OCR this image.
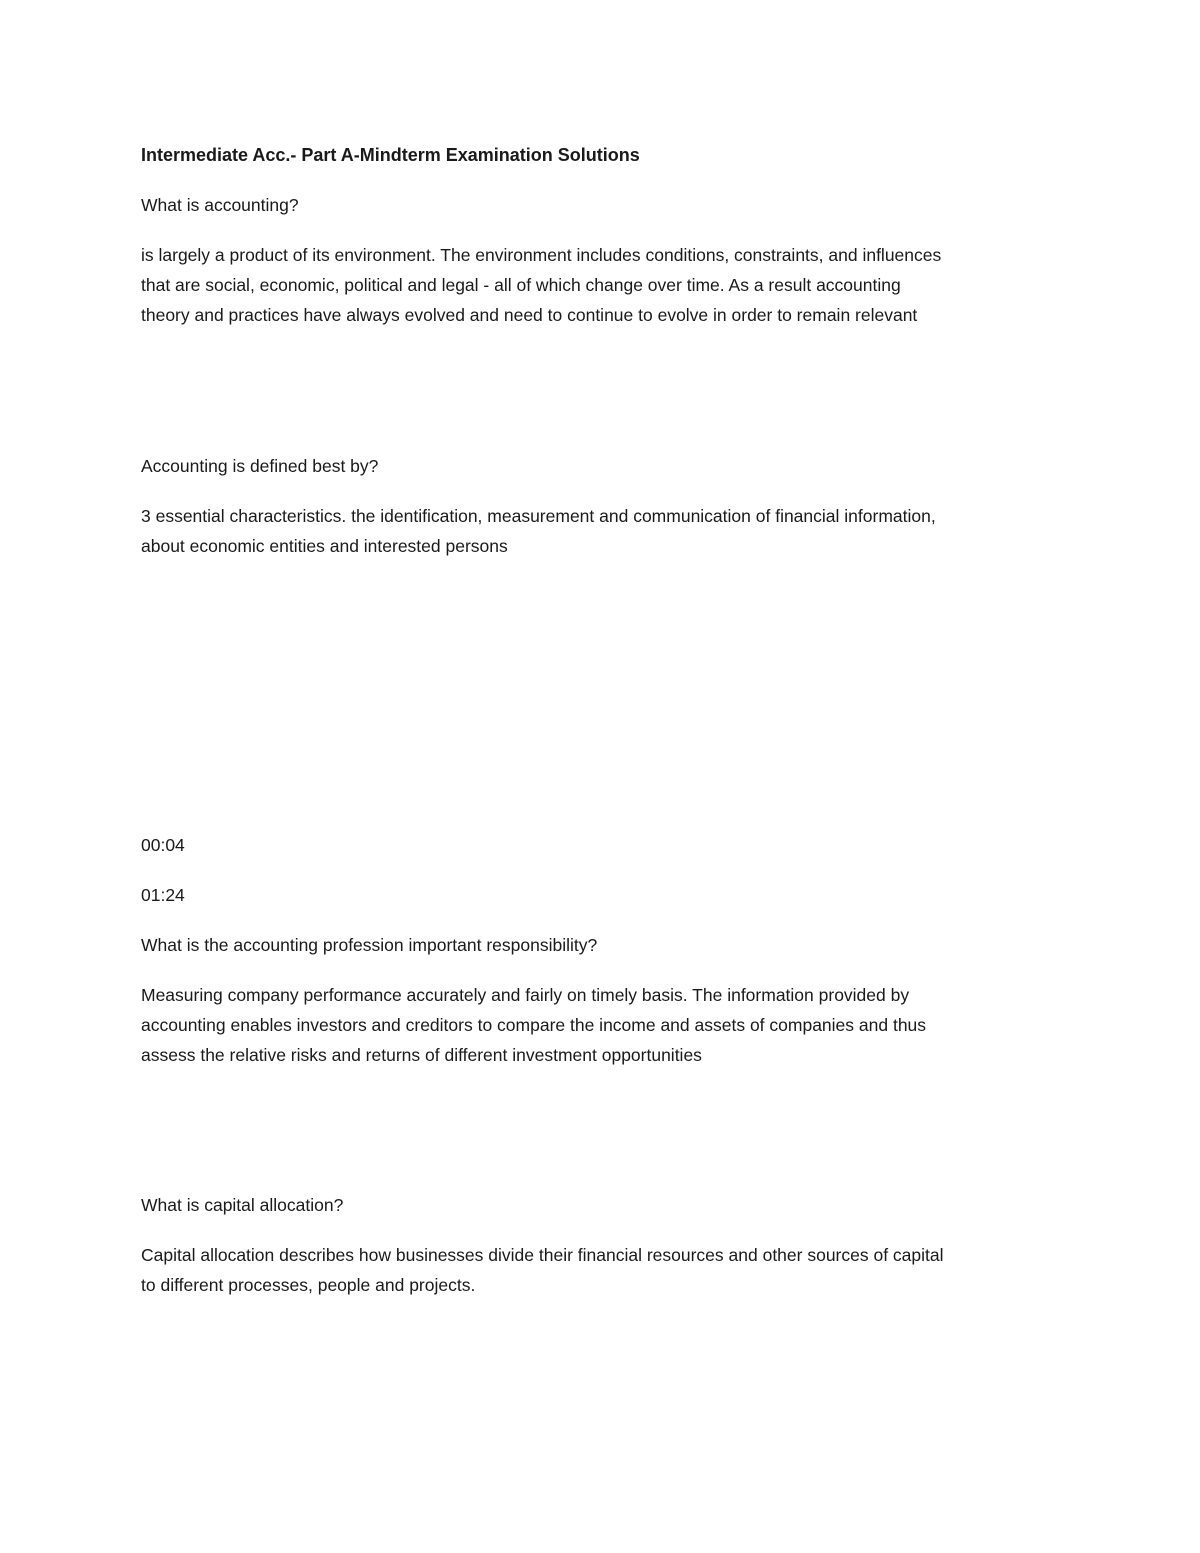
Intermediate Acc.- Part A-Mindterm Examination Solutions

What is accounting?

is largely a product of its environment. The environment includes conditions, constraints, and influences

that are social, economic, political and legal - all of which change over time. As a result accounting

theory and practices have always evolved and need to continue to evolve in order to remain relevant

Accounting is defined best by?

3 essential characteristics. the identification, measurement and communication of financial information,

about economic entities and interested persons

00:04

01:24

What is the accounting profession important responsibility?

Measuring company performance accurately and fairly on timely basis. The information provided by

accounting enables investors and creditors to compare the income and assets of companies and thus

assess the relative risks and returns of different investment opportunities

What is capital allocation?

Capital allocation describes how businesses divide their financial resources and other sources of capital

to different processes, people and projects.
